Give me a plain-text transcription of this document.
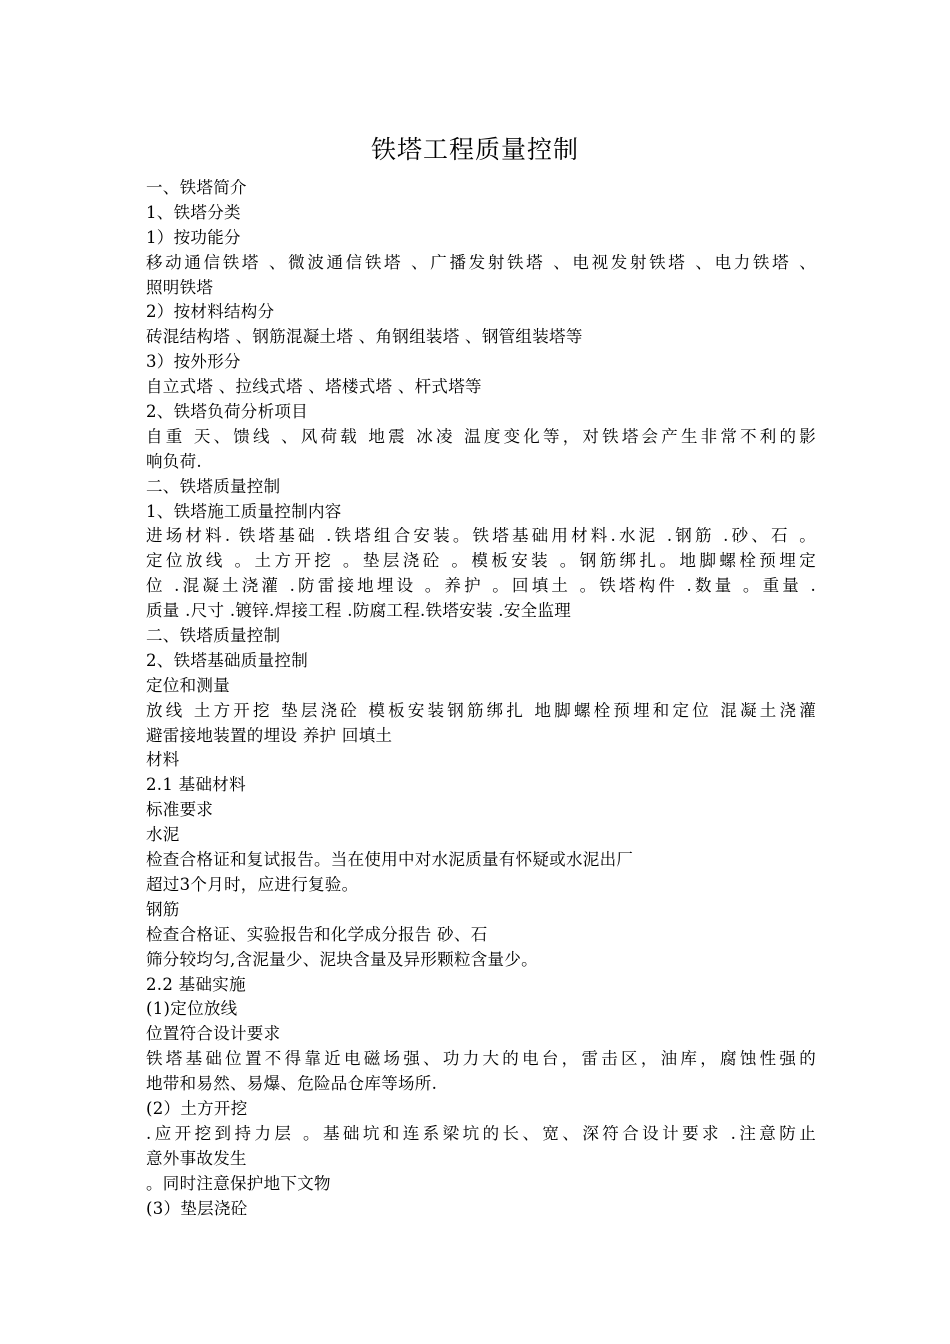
铁塔工程质量控制

一、铁塔简介

1、铁塔分类

1）按功能分

移动通信铁塔 、微波通信铁塔 、广播发射铁塔 、电视发射铁塔 、电力铁塔 、

照明铁塔

2）按材料结构分

砖混结构塔 、钢筋混凝土塔 、角钢组装塔 、钢管组装塔等

3）按外形分

自立式塔 、拉线式塔 、塔楼式塔 、杆式塔等

2、铁塔负荷分析项目

自重 天、馈线 、风荷载 地震 冰凌 温度变化等，对铁塔会产生非常不利的影

响负荷.

二、铁塔质量控制

1、铁塔施工质量控制内容

进场材料. 铁塔基础 .铁塔组合安装。铁塔基础用材料.水泥 .钢筋 .砂、石 。

定位放线 。土方开挖 。垫层浇砼 。模板安装 。钢筋绑扎。地脚螺栓预埋定

位 .混凝土浇灌 .防雷接地埋设 。养护 。回填土 。铁塔构件 .数量 。重量 .

质量 .尺寸 .镀锌.焊接工程 .防腐工程.铁塔安装 .安全监理

二、铁塔质量控制

2、铁塔基础质量控制

定位和测量

放线 土方开挖 垫层浇砼 模板安装钢筋绑扎 地脚螺栓预埋和定位 混凝土浇灌

避雷接地装置的埋设 养护 回填土

材料

2.1 基础材料

标准要求

水泥

检查合格证和复试报告。当在使用中对水泥质量有怀疑或水泥出厂

超过3个月时，应进行复验。

钢筋

检查合格证、实验报告和化学成分报告 砂、石

筛分较均匀,含泥量少、泥块含量及异形颗粒含量少。

2.2 基础实施

(1)定位放线

位置符合设计要求

铁塔基础位置不得靠近电磁场强、功力大的电台，雷击区，油库，腐蚀性强的

地带和易然、易爆、危险品仓库等场所.

(2）土方开挖

.应开挖到持力层 。基础坑和连系梁坑的长、宽、深符合设计要求 .注意防止

意外事故发生

。同时注意保护地下文物

(3）垫层浇砼
